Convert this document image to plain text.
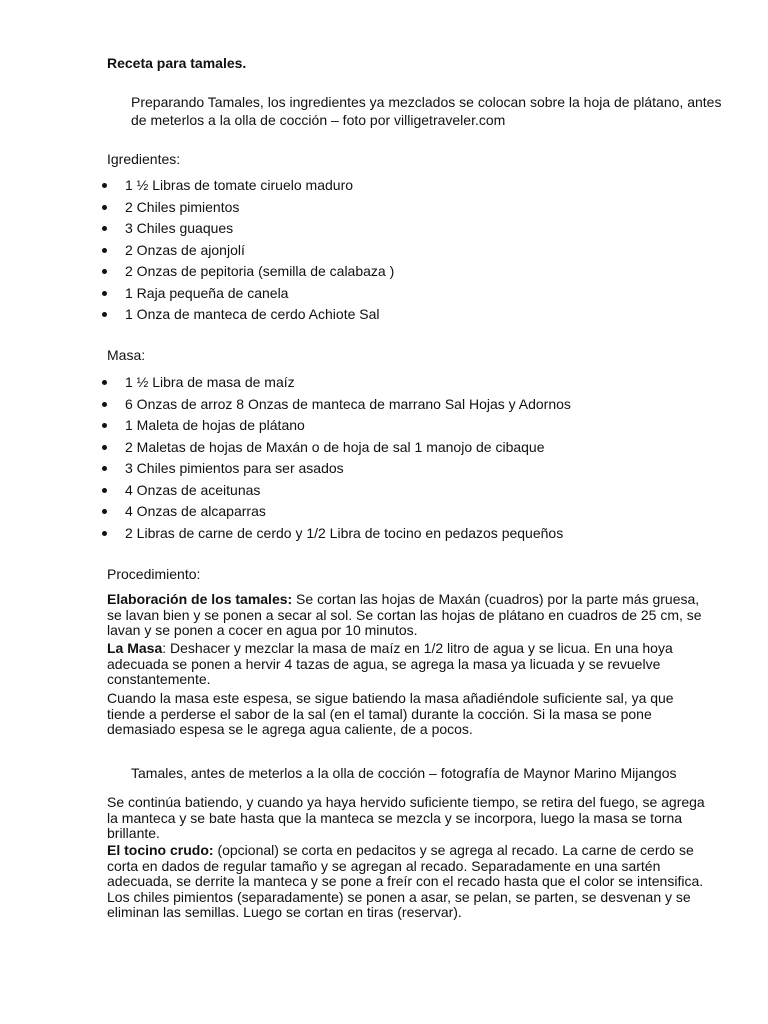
Receta para tamales.

Preparando Tamales, los ingredientes ya mezclados se colocan sobre la hoja de plátano, antes de meterlos a la olla de cocción – foto por villigetraveler.com

Igredientes:

1 ½ Libras de tomate ciruelo maduro
2 Chiles pimientos
3 Chiles guaques
2 Onzas de ajonjolí
2 Onzas de pepitoria (semilla de calabaza )
1 Raja pequeña de canela
1 Onza de manteca de cerdo Achiote Sal

Masa:

1 ½ Libra de masa de maíz
6 Onzas de arroz 8 Onzas de manteca de marrano Sal Hojas y Adornos
1 Maleta de hojas de plátano
2 Maletas de hojas de Maxán o de hoja de sal 1 manojo de cibaque
3 Chiles pimientos para ser asados
4 Onzas de aceitunas
4 Onzas de alcaparras
2 Libras de carne de cerdo y 1/2 Libra de tocino en pedazos pequeños

Procedimiento:

Elaboración de los tamales: Se cortan las hojas de Maxán (cuadros) por la parte más gruesa, se lavan bien y se ponen a secar al sol. Se cortan las hojas de plátano en cuadros de 25 cm, se lavan y se ponen a cocer en agua por 10 minutos.

La Masa: Deshacer y mezclar la masa de maíz en 1/2 litro de agua y se licua. En una hoya adecuada se ponen a hervir 4 tazas de agua, se agrega la masa ya licuada y se revuelve constantemente.

Cuando la masa este espesa, se sigue batiendo la masa añadiéndole suficiente sal, ya que tiende a perderse el sabor de la sal (en el tamal) durante la cocción. Si la masa se pone demasiado espesa se le agrega agua caliente, de a pocos.

Tamales, antes de meterlos a la olla de cocción – fotografía de Maynor Marino Mijangos

Se continúa batiendo, y cuando ya haya hervido suficiente tiempo, se retira del fuego, se agrega la manteca y se bate hasta que la manteca se mezcla y se incorpora, luego la masa se torna brillante.

El tocino crudo: (opcional) se corta en pedacitos y se agrega al recado. La carne de cerdo se corta en dados de regular tamaño y se agregan al recado. Separadamente en una sartén adecuada, se derrite la manteca y se pone a freír con el recado hasta que el color se intensifica. Los chiles pimientos (separadamente) se ponen a asar, se pelan, se parten, se desvenan y se eliminan las semillas. Luego se cortan en tiras (reservar).
